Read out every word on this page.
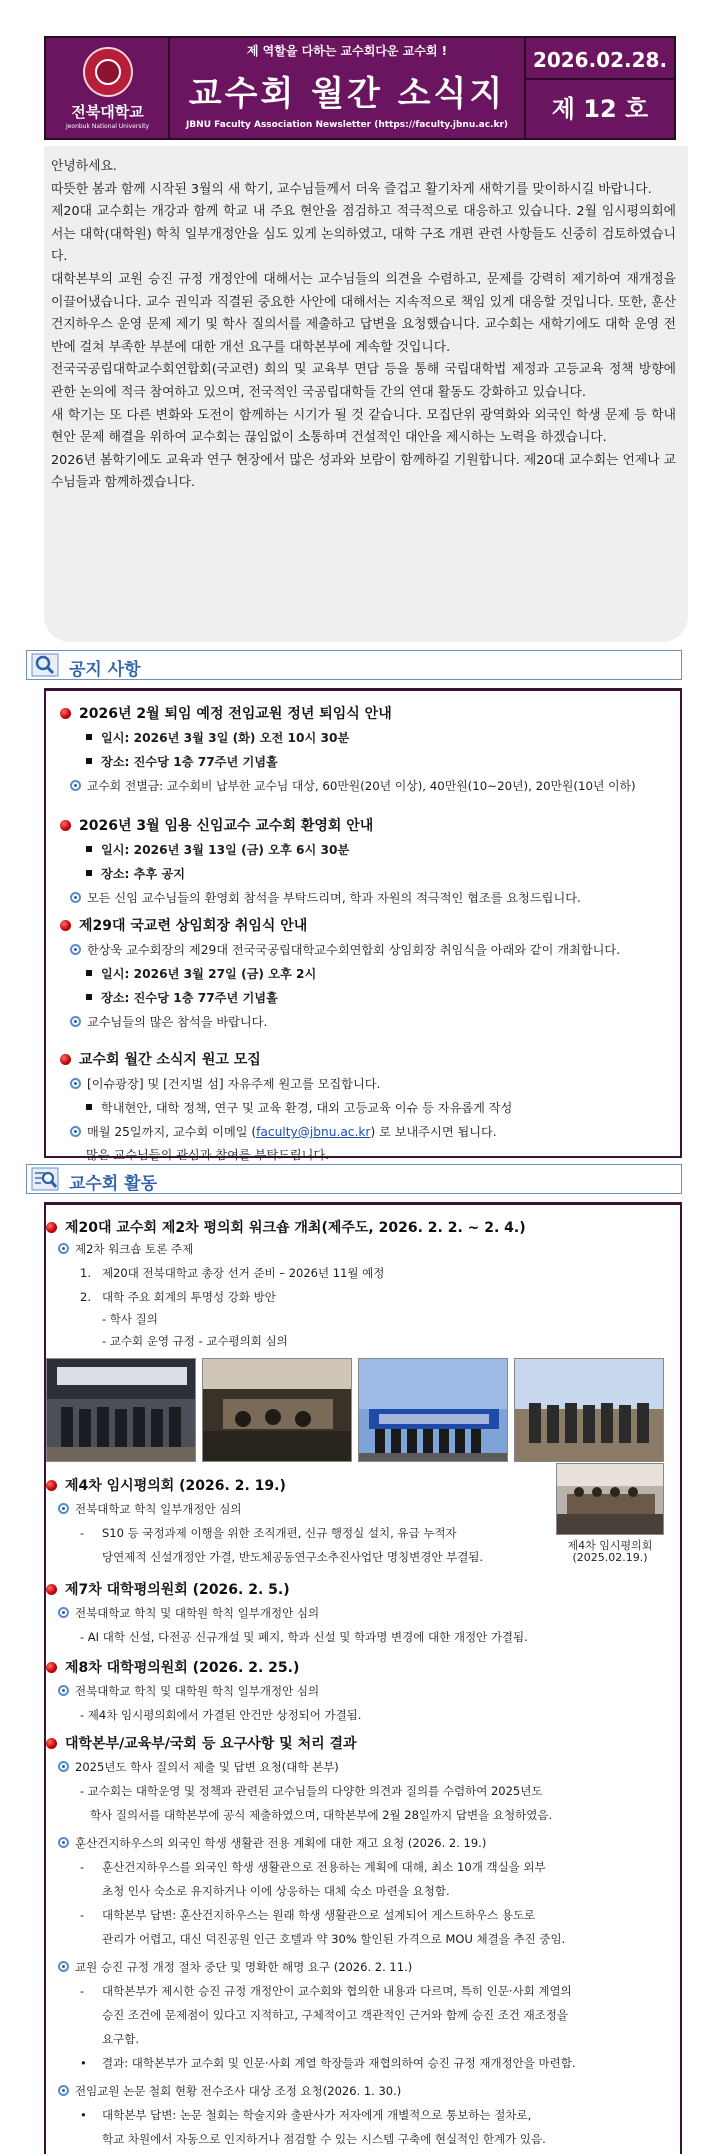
전북대학교
Jeonbuk National University
제 역할을 다하는 교수회다운 교수회 !
교수회 월간 소식지
JBNU Faculty Association Newsletter (https://faculty.jbnu.ac.kr)
2026.02.28.
제 12 호

안녕하세요.

따뜻한 봄과 함께 시작된 3월의 새 학기, 교수님들께서 더욱 즐겁고 활기차게 새학기를 맞이하시길 바랍니다.

제20대 교수회는 개강과 함께 학교 내 주요 현안을 점검하고 적극적으로 대응하고 있습니다. 2월 임시평의회에서는 대학(대학원) 학칙 일부개정안을 심도 있게 논의하였고, 대학 구조 개편 관련 사항들도 신중히 검토하였습니다.

대학본부의 교원 승진 규정 개정안에 대해서는 교수님들의 의견을 수렴하고, 문제를 강력히 제기하여 재개정을 이끌어냈습니다. 교수 권익과 직결된 중요한 사안에 대해서는 지속적으로 책임 있게 대응할 것입니다. 또한, 훈산건지하우스 운영 문제 제기 및 학사 질의서를 제출하고 답변을 요청했습니다. 교수회는 새학기에도 대학 운영 전반에 걸쳐 부족한 부분에 대한 개선 요구를 대학본부에 계속할 것입니다.

전국국공립대학교수회연합회(국교련) 회의 및 교육부 면담 등을 통해 국립대학법 제정과 고등교육 정책 방향에 관한 논의에 적극 참여하고 있으며, 전국적인 국공립대학들 간의 연대 활동도 강화하고 있습니다.

새 학기는 또 다른 변화와 도전이 함께하는 시기가 될 것 같습니다. 모집단위 광역화와 외국인 학생 문제 등 학내 현안 문제 해결을 위하여 교수회는 끊임없이 소통하며 건설적인 대안을 제시하는 노력을 하겠습니다.

2026년 봄학기에도 교육과 연구 현장에서 많은 성과와 보람이 함께하길 기원합니다. 제20대 교수회는 언제나 교수님들과 함께하겠습니다.

공지 사항
2026년 2월 퇴임 예정 전임교원 정년 퇴임식 안내
일시: 2026년 3월 3일 (화) 오전 10시 30분
장소: 진수당 1층 77주년 기념홀
교수회 전별금: 교수회비 납부한 교수님 대상, 60만원(20년 이상), 40만원(10~20년), 20만원(10년 이하)
2026년 3월 임용 신임교수 교수회 환영회 안내
일시: 2026년 3월 13일 (금) 오후 6시 30분
장소: 추후 공지
모든 신임 교수님들의 환영회 참석을 부탁드리며, 학과 자원의 적극적인 협조를 요청드립니다.
제29대 국교련 상임회장 취임식 안내
한상욱 교수회장의 제29대 전국국공립대학교수회연합회 상임회장 취임식을 아래와 같이 개최합니다.
일시: 2026년 3월 27일 (금) 오후 2시
장소: 진수당 1층 77주년 기념홀
교수님들의 많은 참석을 바랍니다.
교수회 월간 소식지 원고 모집
[이슈광장] 및 [건지벌 섬] 자유주제 원고를 모집합니다.
학내현안, 대학 정책, 연구 및 교육 환경, 대외 고등교육 이슈 등 자유롭게 작성
매월 25일까지, 교수회 이메일 (faculty@jbnu.ac.kr) 로 보내주시면 됩니다.
많은 교수님들의 관심과 참여를 부탁드립니다.
교수회 활동
제20대 교수회 제2차 평의회 워크숍 개최(제주도, 2026. 2. 2. ~ 2. 4.)
제2차 워크숍 토론 주제
1. 제20대 전북대학교 총장 선거 준비 – 2026년 11월 예정
2. 대학 주요 회계의 투명성 강화 방안
- 학사 질의
- 교수회 운영 규정 - 교수평의회 심의
제4차 임시평의회 (2026. 2. 19.)
전북대학교 학칙 일부개정안 심의
- S10 등 국정과제 이행을 위한 조직개편, 신규 행정실 설치, 유급 누적자
당연제적 신설개정안 가결, 반도체공동연구소추진사업단 명칭변경안 부결됨.
제4차 임시평의회
(2025.02.19.)
제7차 대학평의원회 (2026. 2. 5.)
전북대학교 학칙 및 대학원 학칙 일부개정안 심의
- AI 대학 신설, 다전공 신규개설 및 폐지, 학과 신설 및 학과명 변경에 대한 개정안 가결됨.
제8차 대학평의원회 (2026. 2. 25.)
전북대학교 학칙 및 대학원 학칙 일부개정안 심의
- 제4차 임시평의회에서 가결된 안건만 상정되어 가결됨.
대학본부/교육부/국회 등 요구사항 및 처리 결과
2025년도 학사 질의서 제출 및 답변 요청(대학 본부)
- 교수회는 대학운영 및 정책과 관련된 교수님들의 다양한 의견과 질의를 수렴하여 2025년도
학사 질의서를 대학본부에 공식 제출하였으며, 대학본부에 2월 28일까지 답변을 요청하였음.
훈산건지하우스의 외국인 학생 생활관 전용 계획에 대한 재고 요청 (2026. 2. 19.)
- 훈산건지하우스를 외국인 학생 생활관으로 전용하는 계획에 대해, 최소 10개 객실을 외부
초청 인사 숙소로 유지하거나 이에 상응하는 대체 숙소 마련을 요청함.
- 대학본부 답변: 훈산건지하우스는 원래 학생 생활관으로 설계되어 게스트하우스 용도로
관리가 어렵고, 대신 덕진공원 인근 호텔과 약 30% 할인된 가격으로 MOU 체결을 추진 중임.
교원 승진 규정 개정 절차 중단 및 명확한 해명 요구 (2026. 2. 11.)
- 대학본부가 제시한 승진 규정 개정안이 교수회와 협의한 내용과 다르며, 특히 인문·사회 계열의
승진 조건에 문제점이 있다고 지적하고, 구체적이고 객관적인 근거와 함께 승진 조건 재조정을
요구함.
• 결과: 대학본부가 교수회 및 인문·사회 계열 학장들과 재협의하여 승진 규정 재개정안을 마련함.
전임교원 논문 철회 현황 전수조사 대상 조정 요청(2026. 1. 30.)
• 대학본부 답변: 논문 철회는 학술지와 출판사가 저자에게 개별적으로 통보하는 절차로,
학교 차원에서 자동으로 인지하거나 점검할 수 있는 시스템 구축에 현실적인 한계가 있음.
